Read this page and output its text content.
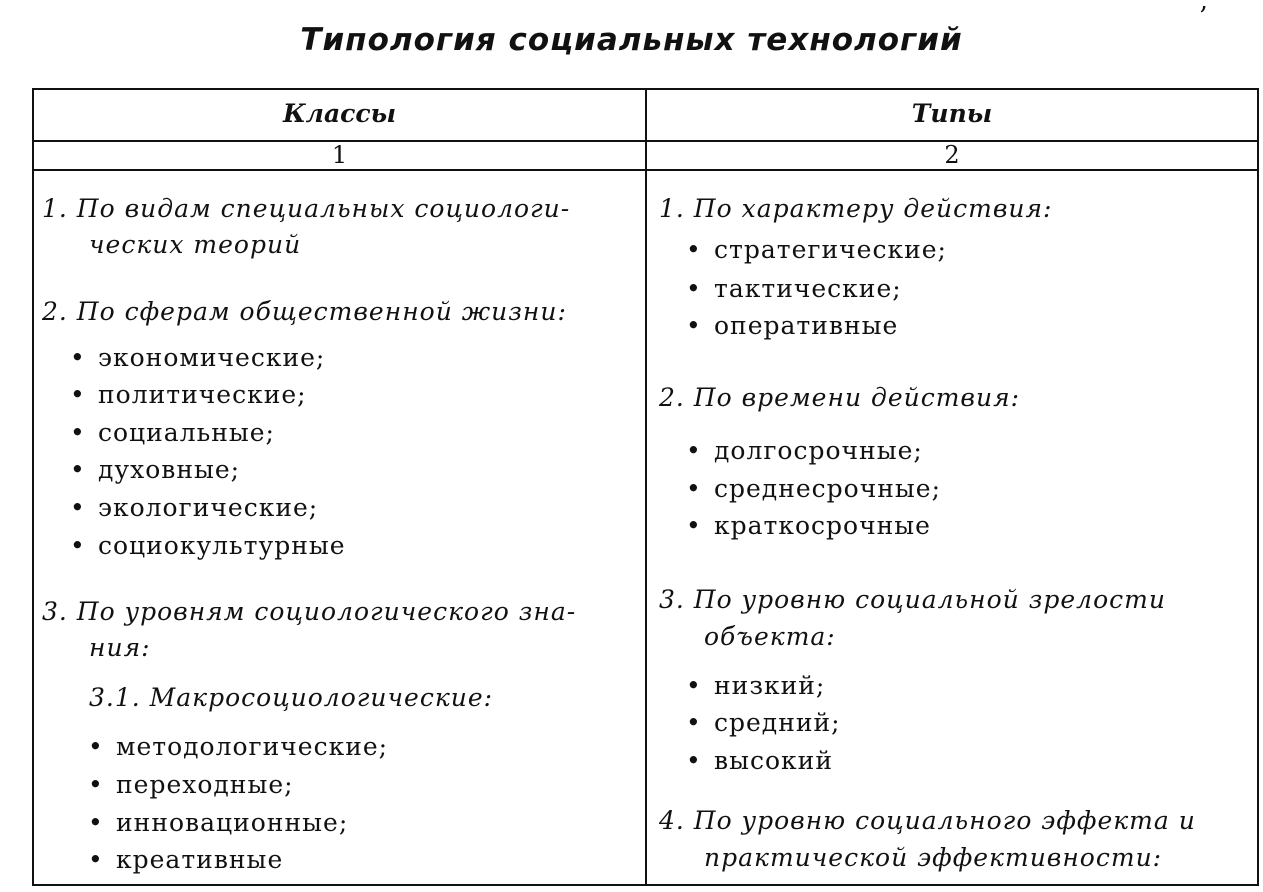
,
Типология социальных технологий
Классы	Типы
1	2
1. По видам специальных социологи-
ческих теорий
2. По сферам общественной жизни:
• экономические;
• политические;
• социальные;
• духовные;
• экологические;
• социокультурные
3. По уровням социологического зна-
ния:
3.1. Макросоциологические:
• методологические;
• переходные;
• инновационные;
• креативные
1. По характеру действия:
• стратегические;
• тактические;
• оперативные
2. По времени действия:
• долгосрочные;
• среднесрочные;
• краткосрочные
3. По уровню социальной зрелости
объекта:
• низкий;
• средний;
• высокий
4. По уровню социального эффекта и
практической эффективности:
